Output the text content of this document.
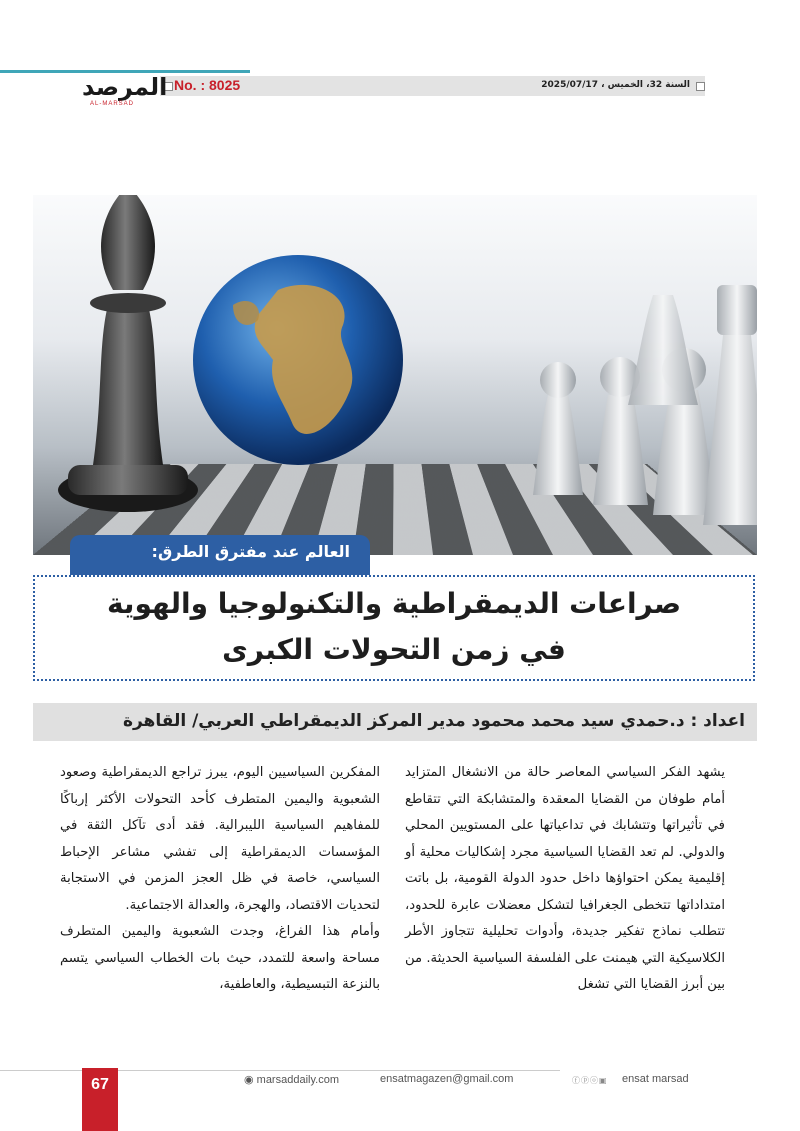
السنة 32، الخميس ، 2025/07/17
No. : 8025
المرصد
AL-MARSAD
العالم عند مفترق الطرق:
صراعات الديمقراطية والتكنولوجيا والهوية
في زمن التحولات الكبرى
اعداد : د.حمدي سيد محمد محمود مدير المركز الديمقراطي العربي/ القاهرة

يشهد الفكر السياسي المعاصر حالة من الانشغال المتزايد أمام طوفان من القضايا المعقدة والمتشابكة التي تتقاطع في تأثيراتها وتتشابك في تداعياتها على المستويين المحلي والدولي. لم تعد القضايا السياسية مجرد إشكاليات محلية أو إقليمية يمكن احتواؤها داخل حدود الدولة القومية، بل باتت امتداداتها تتخطى الجغرافيا لتشكل معضلات عابرة للحدود، تتطلب نماذج تفكير جديدة، وأدوات تحليلية تتجاوز الأطر الكلاسيكية التي هيمنت على الفلسفة السياسية الحديثة. من بين أبرز القضايا التي تشغل

المفكرين السياسيين اليوم، يبرز تراجع الديمقراطية وصعود الشعبوية واليمين المتطرف كأحد التحولات الأكثر إرباكًا للمفاهيم السياسية الليبرالية. فقد أدى تآكل الثقة في المؤسسات الديمقراطية إلى تفشي مشاعر الإحباط السياسي، خاصة في ظل العجز المزمن في الاستجابة لتحديات الاقتصاد، والهجرة، والعدالة الاجتماعية.

وأمام هذا الفراغ، وجدت الشعبوية واليمين المتطرف مساحة واسعة للتمدد، حيث بات الخطاب السياسي يتسم بالنزعة التبسيطية، والعاطفية،

67	◉ marsaddaily.com	ensatmagazen@gmail.com	ⓕⓟⓞ▣ ensat marsad
